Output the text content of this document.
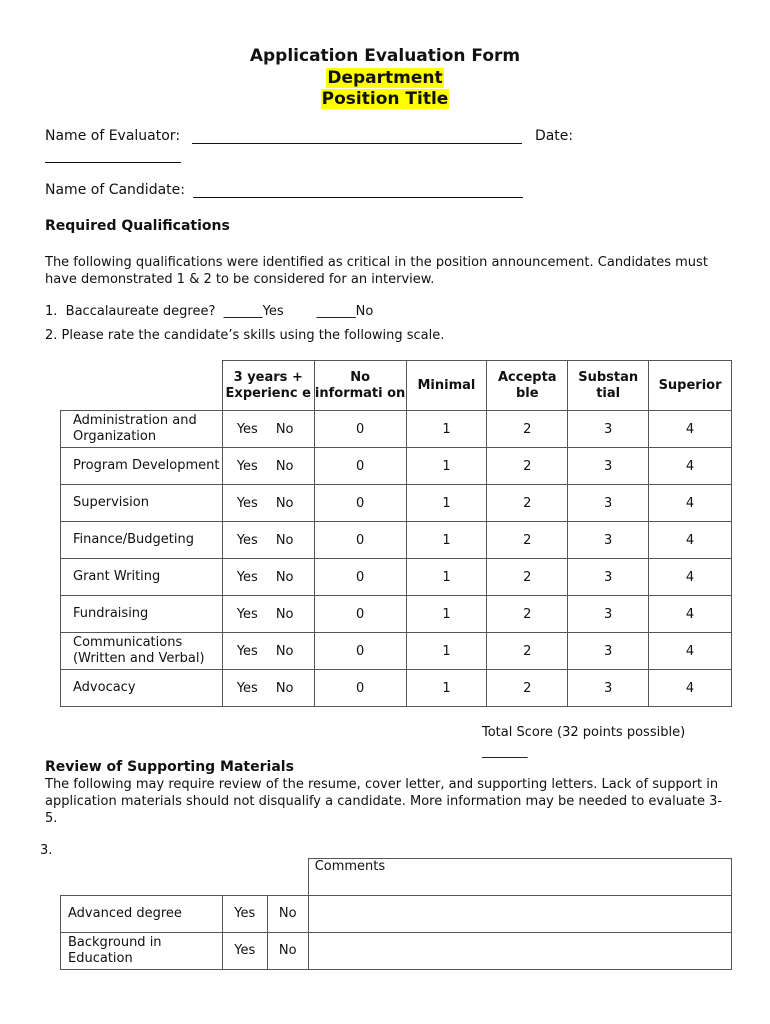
Application Evaluation Form
Department
Position Title
Name of Evaluator:	Date:
Name of Candidate:
Required Qualifications
The following qualifications were identified as critical in the position announcement. Candidates must have demonstrated 1 & 2 to be considered for an interview.
1.  Baccalaureate degree?  ______Yes        ______No
2. Please rate the candidate’s skills using the following scale.
	3 years + Experienc e	No informati on	Minimal	Accepta ble	Substan tial	Superior
Administration and Organization	Yes No	0	1	2	3	4
Program Development	Yes No	0	1	2	3	4
Supervision	Yes No	0	1	2	3	4
Finance/Budgeting	Yes No	0	1	2	3	4
Grant Writing	Yes No	0	1	2	3	4
Fundraising	Yes No	0	1	2	3	4
Communications (Written and Verbal)	Yes No	0	1	2	3	4
Advocacy	Yes No	0	1	2	3	4
Total Score (32 points possible)
_______
Review of Supporting Materials
The following may require review of the resume, cover letter, and supporting letters. Lack of support in application materials should not disqualify a candidate. More information may be needed to evaluate 3-5.
3.
			Comments
Advanced degree	Yes	No	
Background in Education	Yes	No	
